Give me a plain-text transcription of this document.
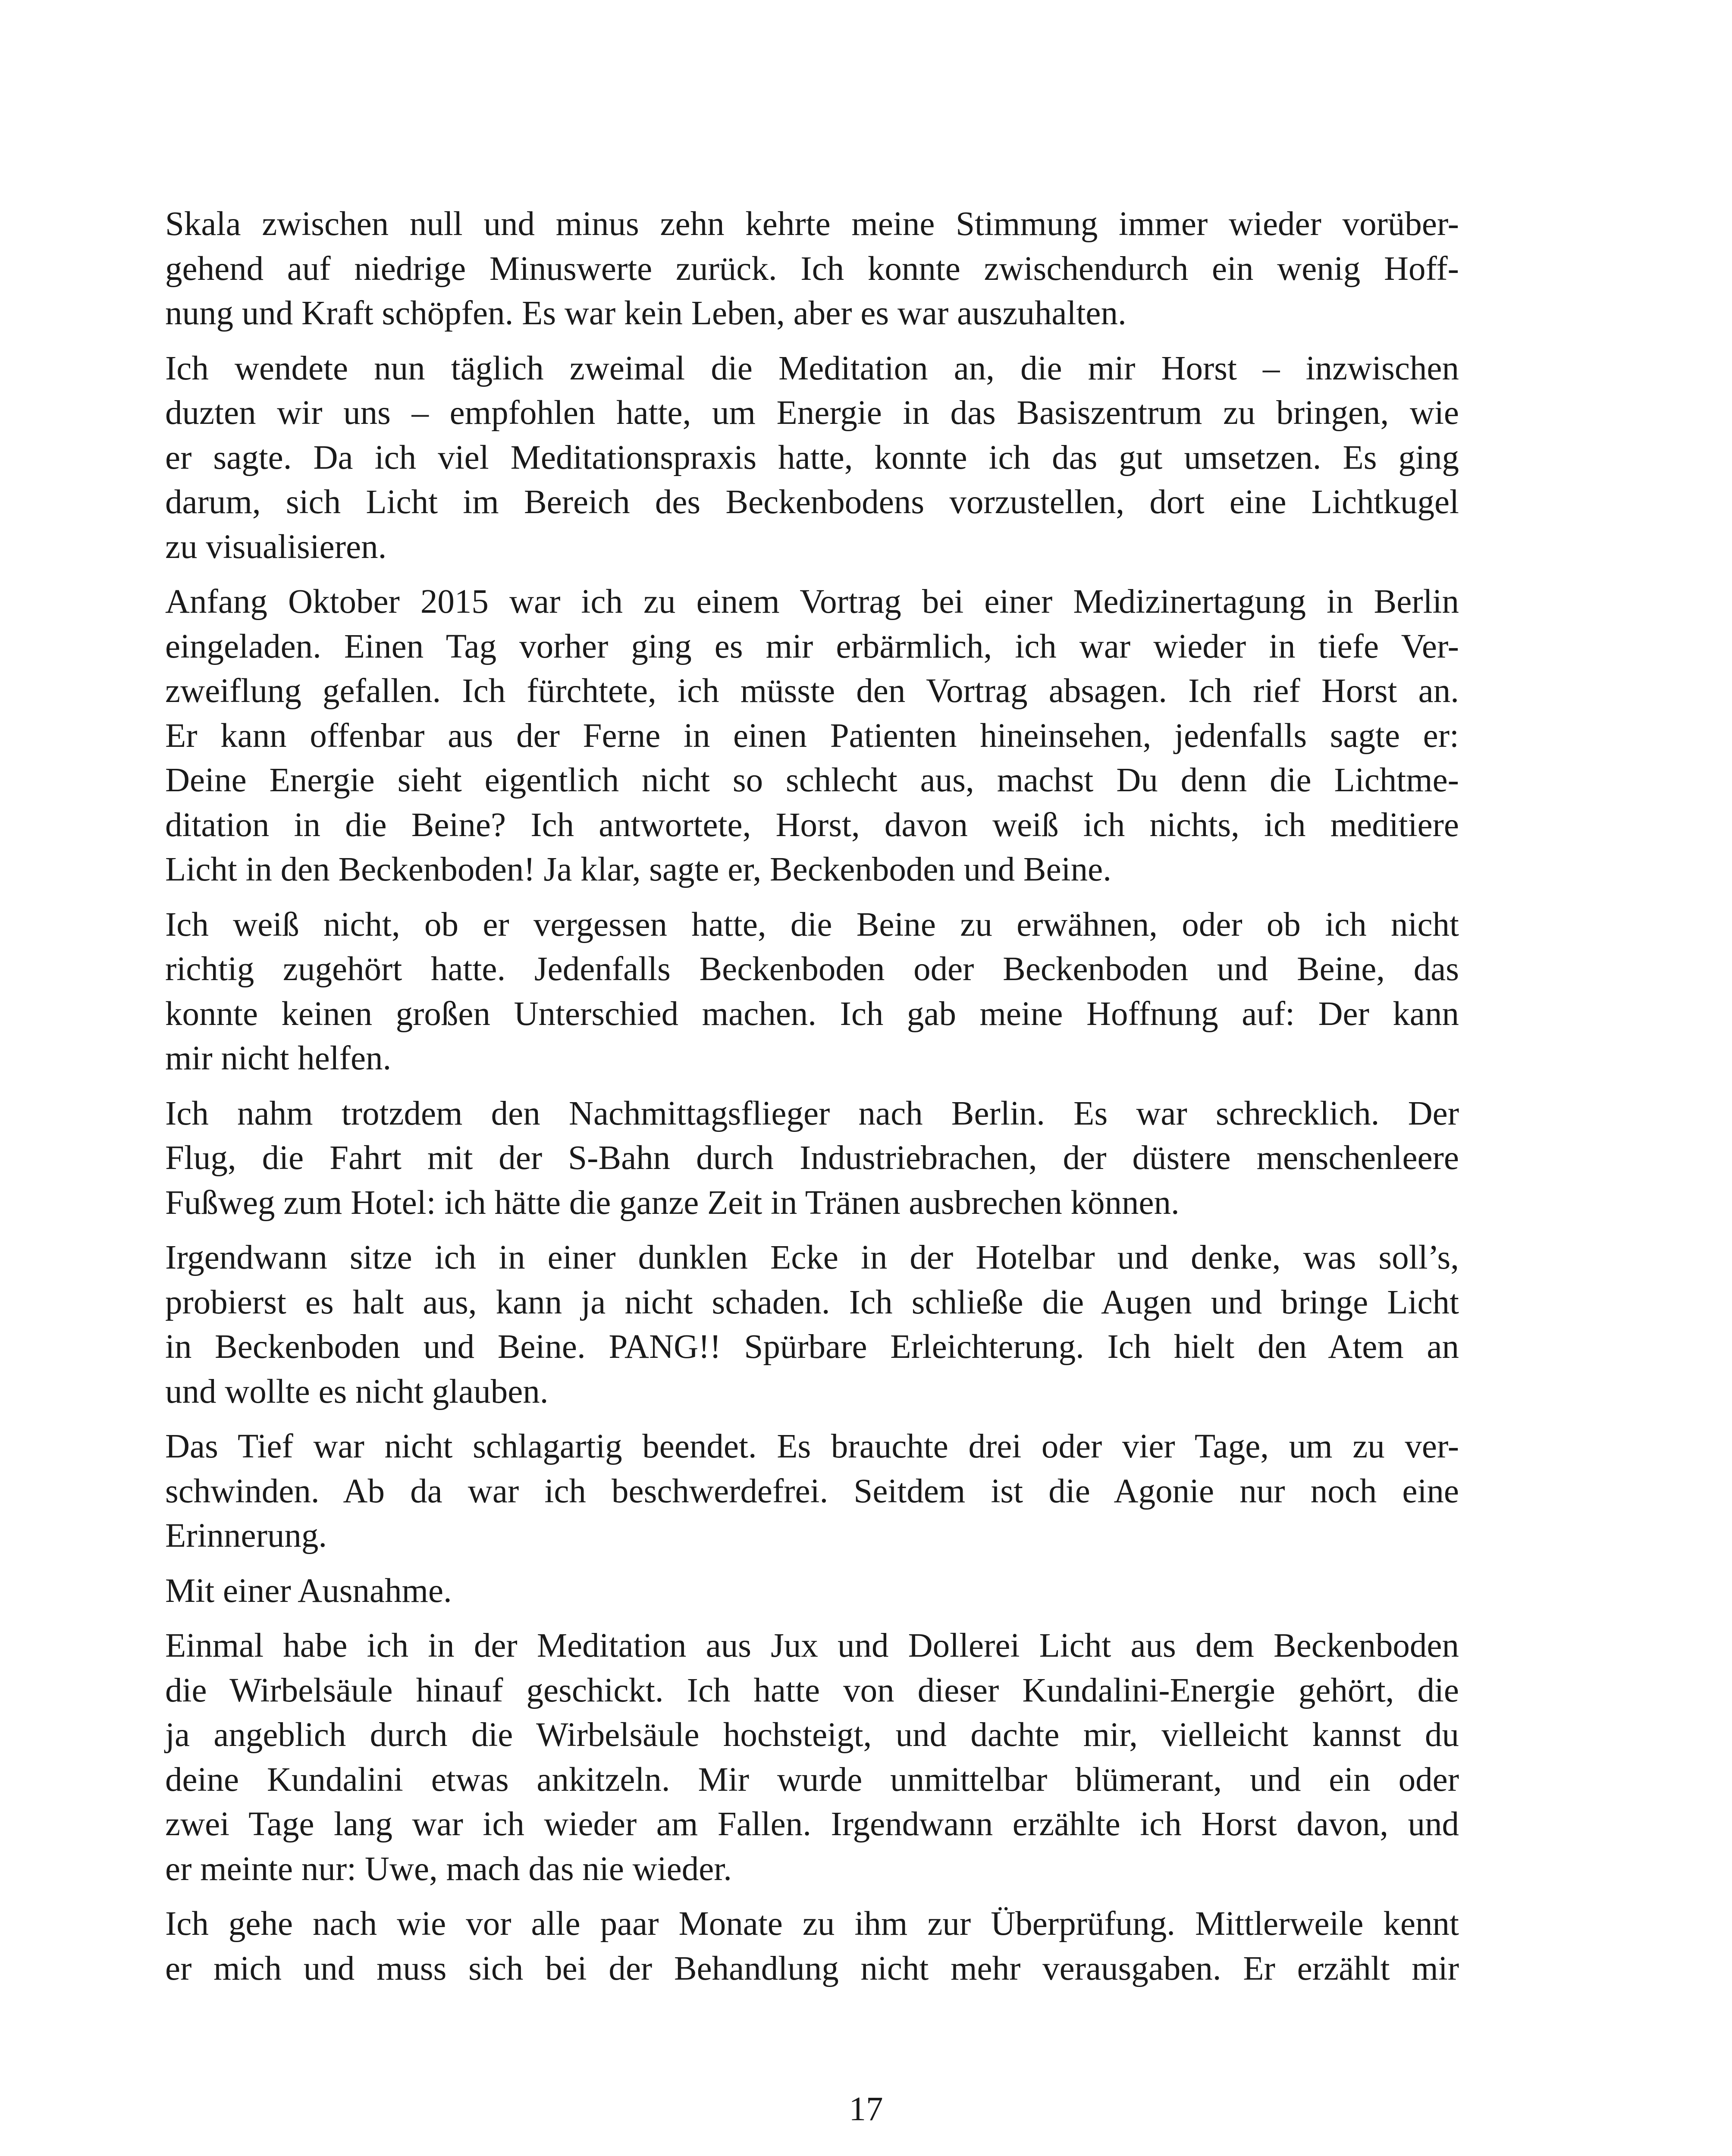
Skala zwischen null und minus zehn kehrte meine Stimmung immer wieder vorüber-
gehend auf niedrige Minuswerte zurück. Ich konnte zwischendurch ein wenig Hoff-
nung und Kraft schöpfen. Es war kein Leben, aber es war auszuhalten.

Ich wendete nun täglich zweimal die Meditation an, die mir Horst – inzwischen
duzten wir uns – empfohlen hatte, um Energie in das Basiszentrum zu bringen, wie
er sagte. Da ich viel Meditationspraxis hatte, konnte ich das gut umsetzen. Es ging
darum, sich Licht im Bereich des Beckenbodens vorzustellen, dort eine Lichtkugel
zu visualisieren.

Anfang Oktober 2015 war ich zu einem Vortrag bei einer Medizinertagung in Berlin
eingeladen. Einen Tag vorher ging es mir erbärmlich, ich war wieder in tiefe Ver-
zweiflung gefallen. Ich fürchtete, ich müsste den Vortrag absagen. Ich rief Horst an.
Er kann offenbar aus der Ferne in einen Patienten hineinsehen, jedenfalls sagte er:
Deine Energie sieht eigentlich nicht so schlecht aus, machst Du denn die Lichtme-
ditation in die Beine? Ich antwortete, Horst, davon weiß ich nichts, ich meditiere
Licht in den Beckenboden! Ja klar, sagte er, Beckenboden und Beine.

Ich weiß nicht, ob er vergessen hatte, die Beine zu erwähnen, oder ob ich nicht
richtig zugehört hatte. Jedenfalls Beckenboden oder Beckenboden und Beine, das
konnte keinen großen Unterschied machen. Ich gab meine Hoffnung auf: Der kann
mir nicht helfen.

Ich nahm trotzdem den Nachmittagsflieger nach Berlin. Es war schrecklich. Der
Flug, die Fahrt mit der S-Bahn durch Industriebrachen, der düstere menschenleere
Fußweg zum Hotel: ich hätte die ganze Zeit in Tränen ausbrechen können.

Irgendwann sitze ich in einer dunklen Ecke in der Hotelbar und denke, was soll’s,
probierst es halt aus, kann ja nicht schaden. Ich schließe die Augen und bringe Licht
in Beckenboden und Beine. PANG!! Spürbare Erleichterung. Ich hielt den Atem an
und wollte es nicht glauben.

Das Tief war nicht schlagartig beendet. Es brauchte drei oder vier Tage, um zu ver-
schwinden. Ab da war ich beschwerdefrei. Seitdem ist die Agonie nur noch eine
Erinnerung.

Mit einer Ausnahme.

Einmal habe ich in der Meditation aus Jux und Dollerei Licht aus dem Beckenboden
die Wirbelsäule hinauf geschickt. Ich hatte von dieser Kundalini-Energie gehört, die
ja angeblich durch die Wirbelsäule hochsteigt, und dachte mir, vielleicht kannst du
deine Kundalini etwas ankitzeln. Mir wurde unmittelbar blümerant, und ein oder
zwei Tage lang war ich wieder am Fallen. Irgendwann erzählte ich Horst davon, und
er meinte nur: Uwe, mach das nie wieder.

Ich gehe nach wie vor alle paar Monate zu ihm zur Überprüfung. Mittlerweile kennt
er mich und muss sich bei der Behandlung nicht mehr verausgaben. Er erzählt mir

17
